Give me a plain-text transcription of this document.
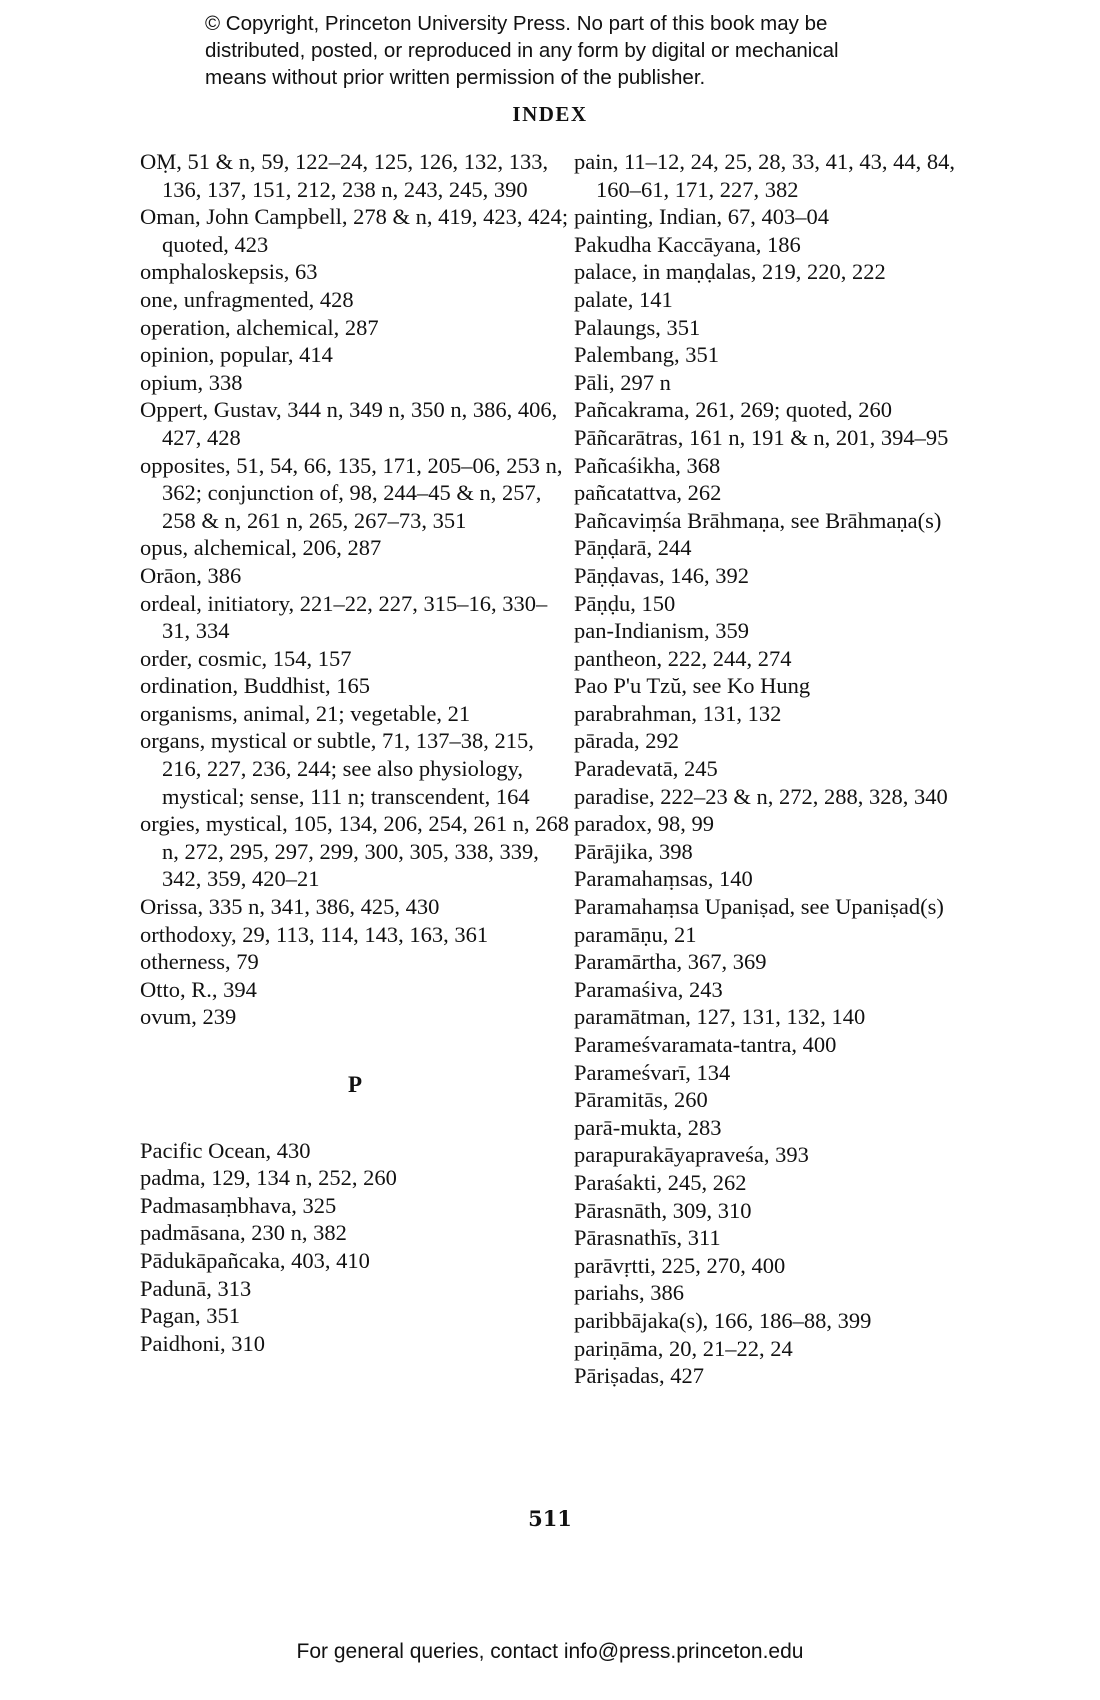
© Copyright, Princeton University Press. No part of this book may be
distributed, posted, or reproduced in any form by digital or mechanical
means without prior written permission of the publisher.
INDEX
OṂ, 51 & n, 59, 122–24, 125, 126, 132, 133, 136, 137, 151, 212, 238 n, 243, 245, 390
Oman, John Campbell, 278 & n, 419, 423, 424; quoted, 423
omphaloskepsis, 63
one, unfragmented, 428
operation, alchemical, 287
opinion, popular, 414
opium, 338
Oppert, Gustav, 344 n, 349 n, 350 n, 386, 406, 427, 428
opposites, 51, 54, 66, 135, 171, 205–06, 253 n, 362; conjunction of, 98, 244–45 & n, 257, 258 & n, 261 n, 265, 267–73, 351
opus, alchemical, 206, 287
Orāon, 386
ordeal, initiatory, 221–22, 227, 315–16, 330–31, 334
order, cosmic, 154, 157
ordination, Buddhist, 165
organisms, animal, 21; vegetable, 21
organs, mystical or subtle, 71, 137–38, 215, 216, 227, 236, 244; see also physiology, mystical; sense, 111 n; transcendent, 164
orgies, mystical, 105, 134, 206, 254, 261 n, 268 n, 272, 295, 297, 299, 300, 305, 338, 339, 342, 359, 420–21
Orissa, 335 n, 341, 386, 425, 430
orthodoxy, 29, 113, 114, 143, 163, 361
otherness, 79
Otto, R., 394
ovum, 239
P
Pacific Ocean, 430
padma, 129, 134 n, 252, 260
Padmasaṃbhava, 325
padmāsana, 230 n, 382
Pādukāpañcaka, 403, 410
Padunā, 313
Pagan, 351
Paidhoni, 310
pain, 11–12, 24, 25, 28, 33, 41, 43, 44, 84, 160–61, 171, 227, 382
painting, Indian, 67, 403–04
Pakudha Kaccāyana, 186
palace, in maṇḍalas, 219, 220, 222
palate, 141
Palaungs, 351
Palembang, 351
Pāli, 297 n
Pañcakrama, 261, 269; quoted, 260
Pāñcarātras, 161 n, 191 & n, 201, 394–95
Pañcaśikha, 368
pañcatattva, 262
Pañcaviṃśa Brāhmaṇa, see Brāhmaṇa(s)
Pāṇḍarā, 244
Pāṇḍavas, 146, 392
Pāṇḍu, 150
pan-Indianism, 359
pantheon, 222, 244, 274
Pao P'u Tzŭ, see Ko Hung
parabrahman, 131, 132
pārada, 292
Paradevatā, 245
paradise, 222–23 & n, 272, 288, 328, 340
paradox, 98, 99
Pārājika, 398
Paramahaṃsas, 140
Paramahaṃsa Upaniṣad, see Upaniṣad(s)
paramāṇu, 21
Paramārtha, 367, 369
Paramaśiva, 243
paramātman, 127, 131, 132, 140
Parameśvaramata-tantra, 400
Parameśvarī, 134
Pāramitās, 260
parā-mukta, 283
parapurakāyapraveśa, 393
Paraśakti, 245, 262
Pārasnāth, 309, 310
Pārasnathīs, 311
parāvṛtti, 225, 270, 400
pariahs, 386
paribbājaka(s), 166, 186–88, 399
pariṇāma, 20, 21–22, 24
Pāriṣadas, 427
511
For general queries, contact info@press.princeton.edu
